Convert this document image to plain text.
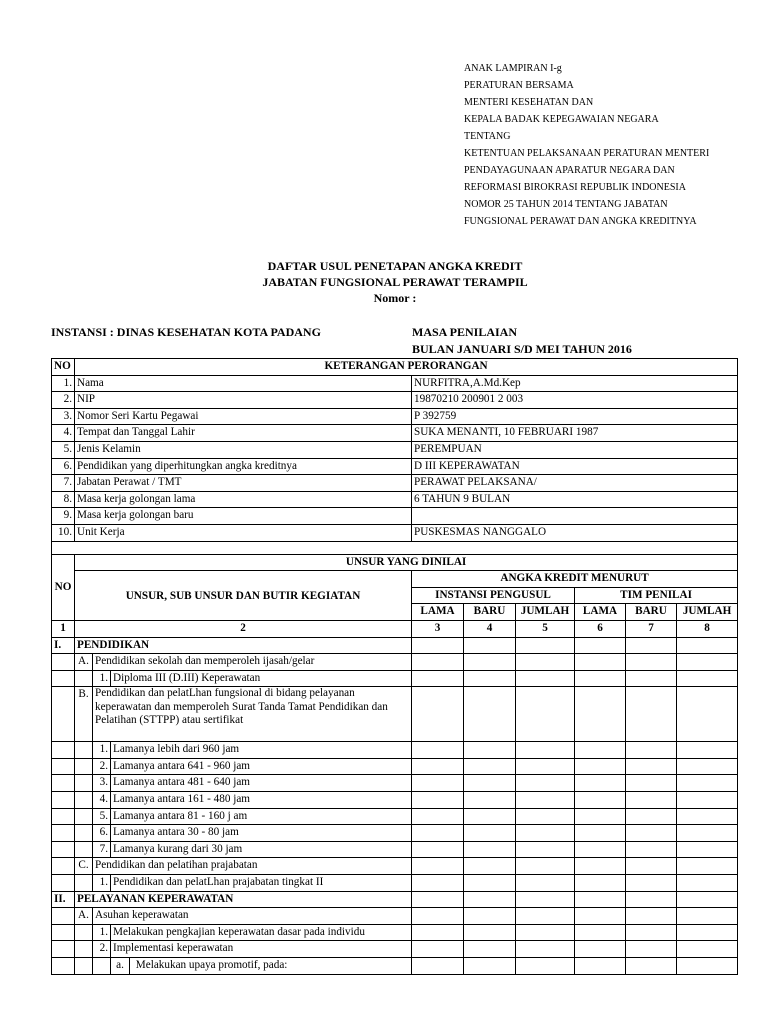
ANAK LAMPIRAN I-g
PERATURAN BERSAMA
MENTERI KESEHATAN DAN
KEPALA BADAK KEPEGAWAIAN NEGARA
TENTANG
KETENTUAN PELAKSANAAN PERATURAN MENTERI
PENDAYAGUNAAN APARATUR NEGARA DAN
REFORMASI BIROKRASI REPUBLIK INDONESIA
NOMOR 25 TAHUN 2014 TENTANG JABATAN
FUNGSIONAL PERAWAT DAN ANGKA KREDITNYA
DAFTAR USUL PENETAPAN ANGKA KREDIT
JABATAN FUNGSIONAL PERAWAT TERAMPIL
Nomor :
INSTANSI : DINAS KESEHATAN KOTA PADANG	MASA PENILAIAN
BULAN JANUARI S/D MEI TAHUN 2016
NO	KETERANGAN PERORANGAN								
1.	Nama			NURFITRA,A.Md.Kep					
2.	NIP			19870210 200901 2 003					
3.	Nomor Seri Kartu Pegawai			P 392759					
4.	Tempat dan Tanggal Lahir			SUKA MENANTI, 10 FEBRUARI 1987					
5.	Jenis Kelamin			PEREMPUAN					
6.	Pendidikan yang diperhitungkan angka kreditnya			D III KEPERAWATAN					
7.	Jabatan Perawat / TMT			PERAWAT PELAKSANA/					
8.	Masa kerja golongan lama			6 TAHUN 9 BULAN					
9.	Masa kerja golongan baru								
10.	Unit Kerja			PUSKESMAS NANGGALO					

NO	UNSUR YANG DINILAI								
	UNSUR, SUB UNSUR DAN BUTIR KEGIATAN			ANGKA KREDIT MENURUT					
				INSTANSI PENGUSUL			TIM PENILAI		
				LAMA	BARU	JUMLAH	LAMA	BARU	JUMLAH
1	2			3	4	5	6	7	8
I.	PENDIDIKAN								
	A.	Pendidikan sekolah dan memperoleh ijasah/gelar							
		1.	Diploma III (D.III) Keperawatan						
	B.	Pendidikan dan pelatLhan fungsional di bidang pelayanan keperawatan dan memperoleh Surat Tanda Tamat Pendidikan dan Pelatihan (STTPP) atau sertifikat							
		1.	Lamanya lebih dari 960 jam						
		2.	Lamanya antara 641 - 960 jam						
		3.	Lamanya antara 481 - 640 jam						
		4.	Lamanya antara 161 - 480 jam						
		5.	Lamanya antara 81 - 160 j am						
		6.	Lamanya antara 30 - 80 jam						
		7.	Lamanya kurang dari 30 jam						
	C.	Pendidikan dan pelatihan prajabatan							
		1.	Pendidikan dan pelatLhan prajabatan tingkat II						
II.	PELAYANAN KEPERAWATAN								
	A.	Asuhan keperawatan							
		1.	Melakukan pengkajian keperawatan dasar pada individu						
		2.	Implementasi keperawatan						
			a. Melakukan upaya promotif, pada:						
